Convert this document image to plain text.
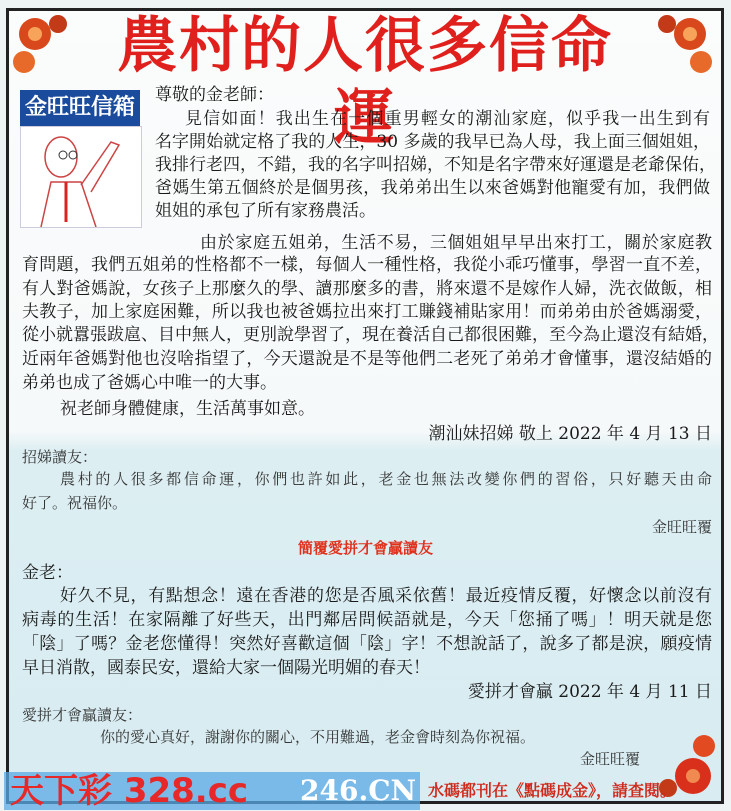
農村的人很多信命運
金旺旺信箱 尊敬的金老師：
見信如面！我出生在一個重男輕女的潮汕家庭，似乎我一出生到有
名字開始就定格了我的人生，30 多歲的我早已為人母，我上面三個姐姐，
我排行老四，不錯，我的名字叫招娣，不知是名字帶來好運還是老爺保佑，
爸媽生第五個終於是個男孩，我弟弟出生以來爸媽對他寵愛有加，我們做
姐姐的承包了所有家務農活。
由於家庭五姐弟，生活不易，三個姐姐早早出來打工，關於家庭教
育問題，我們五姐弟的性格都不一樣，每個人一種性格，我從小乖巧懂事，學習一直不差，
有人對爸媽說，女孩子上那麼久的學、讀那麼多的書，將來還不是嫁作人婦，洗衣做飯，相
夫教子，加上家庭困難，所以我也被爸媽拉出來打工賺錢補貼家用！而弟弟由於爸媽溺愛，
從小就囂張跋扈、目中無人，更別說學習了，現在養活自己都很困難，至今為止還沒有結婚，
近兩年爸媽對他也沒啥指望了，今天還說是不是等他們二老死了弟弟才會懂事，還沒結婚的
弟弟也成了爸媽心中唯一的大事。
祝老師身體健康，生活萬事如意。
潮汕妹招娣 敬上 2022 年 4 月 13 日
招娣讀友：
農村的人很多都信命運，你們也許如此，老金也無法改變你們的習俗，只好聽天由命
好了。祝福你。
金旺旺覆
金老：
好久不見，有點想念！遠在香港的您是否風采依舊！最近疫情反覆，好懷念以前沒有
病毒的生活！在家隔離了好些天，出門鄰居問候語就是，今天「您捅了嗎」！明天就是您
「陰」了嗎？金老您懂得！突然好喜歡這個「陰」字！不想說話了，說多了都是淚，願疫情
早日消散，國泰民安，還給大家一個陽光明媚的春天！
愛拼才會贏 2022 年 4 月 11 日
愛拼才會贏讀友：
你的愛心真好，謝謝你的關心，不用難過，老金會時刻為你祝福。
金旺旺覆
簡覆愛拼才會贏讀友
天下彩 328.cc 246.CN 水碼都刊在《點碼成金》，請查閱。
